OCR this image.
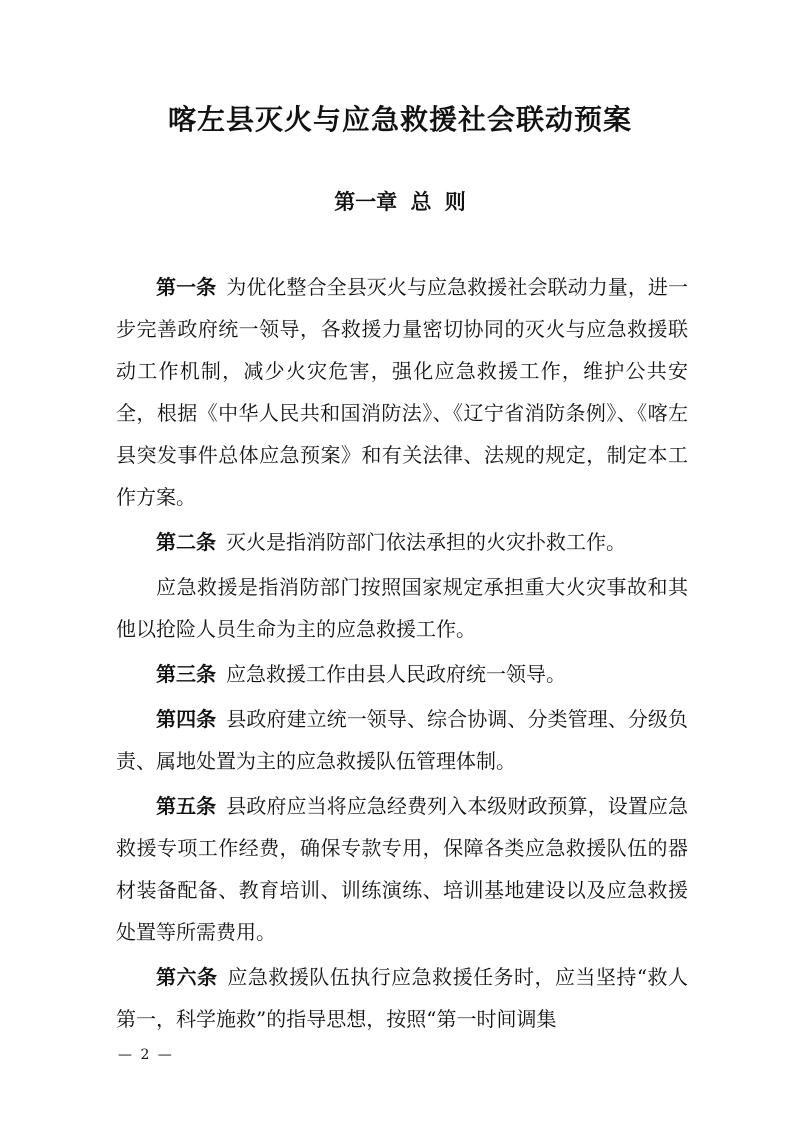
喀左县灭火与应急救援社会联动预案
第一章 总 则

第一条 为优化整合全县灭火与应急救援社会联动力量，进一步完善政府统一领导，各救援力量密切协同的灭火与应急救援联动工作机制，减少火灾危害，强化应急救援工作，维护公共安全，根据《中华人民共和国消防法》、《辽宁省消防条例》、《喀左县突发事件总体应急预案》和有关法律、法规的规定，制定本工作方案。

第二条 灭火是指消防部门依法承担的火灾扑救工作。

应急救援是指消防部门按照国家规定承担重大火灾事故和其他以抢险人员生命为主的应急救援工作。

第三条 应急救援工作由县人民政府统一领导。

第四条 县政府建立统一领导、综合协调、分类管理、分级负责、属地处置为主的应急救援队伍管理体制。

第五条 县政府应当将应急经费列入本级财政预算，设置应急救援专项工作经费，确保专款专用，保障各类应急救援队伍的器材装备配备、教育培训、训练演练、培训基地建设以及应急救援处置等所需费用。

第六条 应急救援队伍执行应急救援任务时，应当坚持“救人第一，科学施救”的指导思想，按照“第一时间调集

— 2 —
